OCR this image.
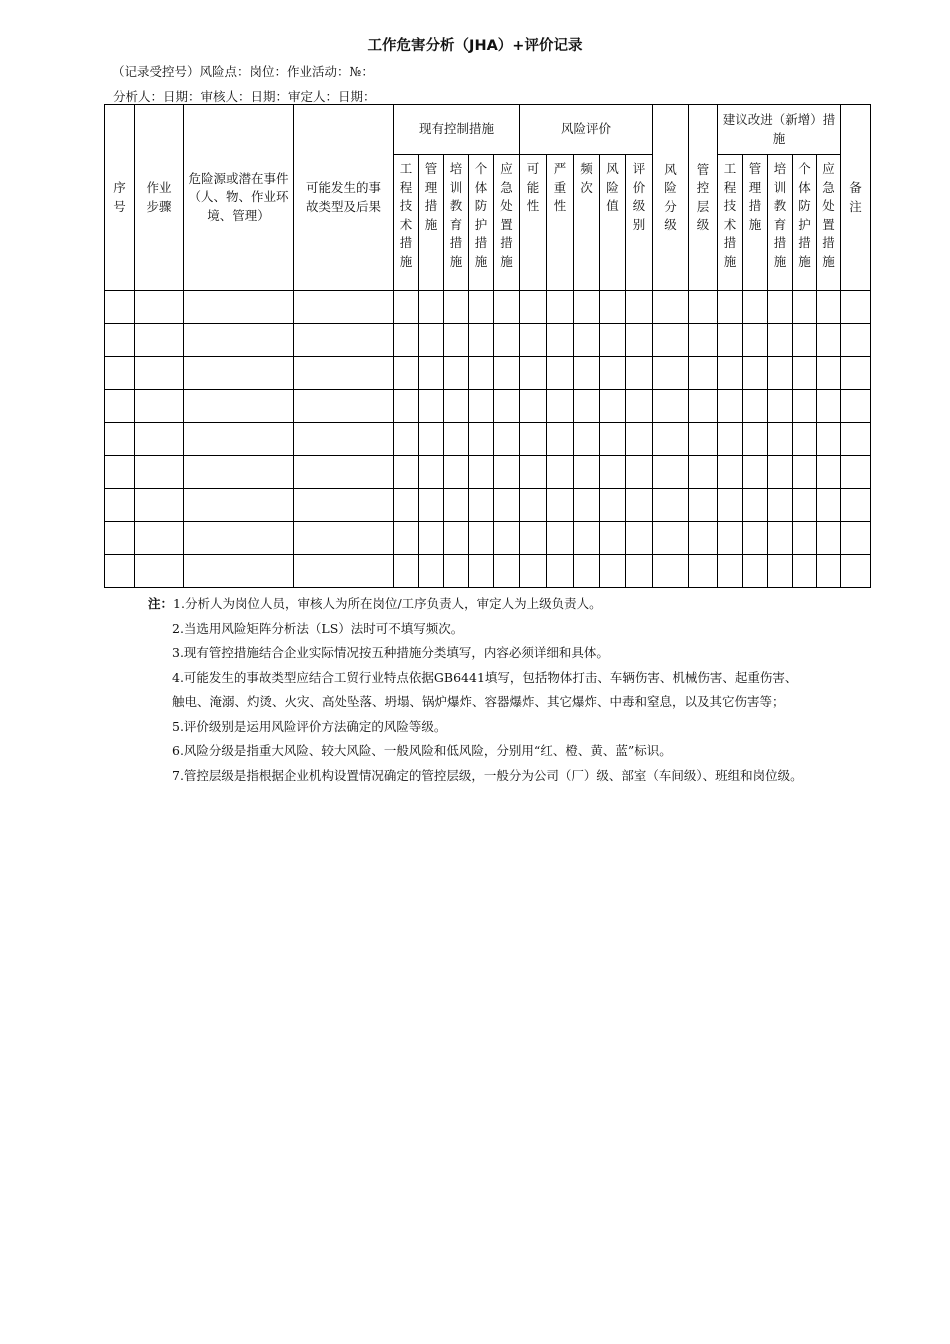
工作危害分析（JHA）+评价记录
（记录受控号）风险点：岗位：作业活动：№：
分析人：日期：审核人：日期：审定人：日期：
序号	作业步骤	危险源或潜在事件（人、物、作业环境、管理）	可能发生的事故类型及后果	现有控制措施					风险评价					风险分级	管控层级	建议改进（新增）措施					备注

				工程技术措施	管理措施	培训教育措施	个体防护措施	应急处置措施	可能性	严重性	频次	风险值	评价级别			工程技术措施	管理措施	培训教育措施	个体防护措施	应急处置措施	

注：1.分析人为岗位人员，审核人为所在岗位/工序负责人，审定人为上级负责人。
2.当选用风险矩阵分析法（LS）法时可不填写频次。
3.现有管控措施结合企业实际情况按五种措施分类填写，内容必须详细和具体。
4.可能发生的事故类型应结合工贸行业特点依据GB6441填写，包括物体打击、车辆伤害、机械伤害、起重伤害、
触电、淹溺、灼烫、火灾、高处坠落、坍塌、锅炉爆炸、容器爆炸、其它爆炸、中毒和窒息，以及其它伤害等；
5.评价级别是运用风险评价方法确定的风险等级。
6.风险分级是指重大风险、较大风险、一般风险和低风险，分别用“红、橙、黄、蓝”标识。
7.管控层级是指根据企业机构设置情况确定的管控层级，一般分为公司（厂）级、部室（车间级）、班组和岗位级。
